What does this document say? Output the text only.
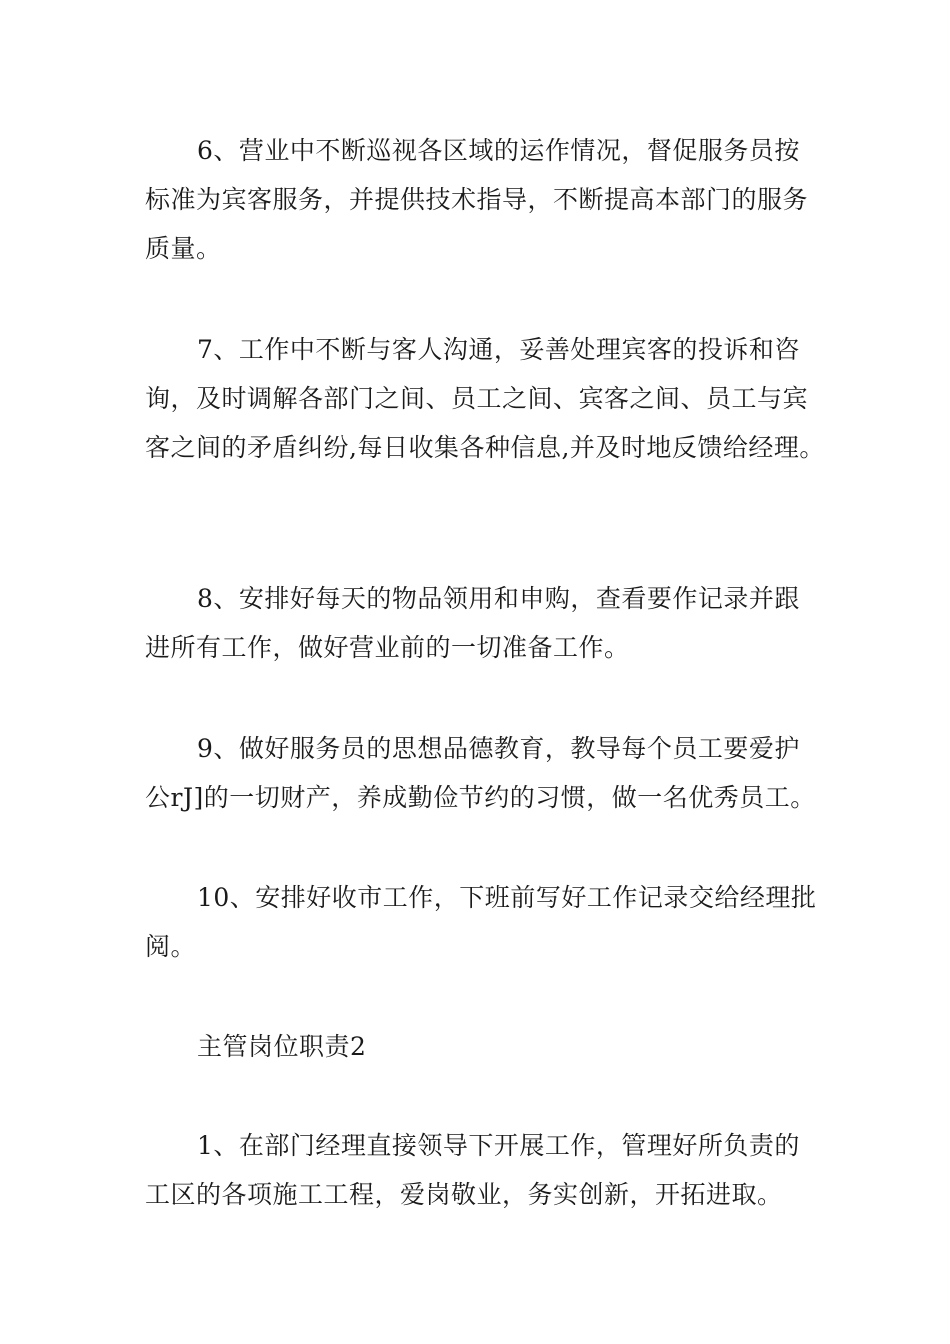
6、营业中不断巡视各区域的运作情况，督促服务员按标准为宾客服务，并提供技术指导，不断提高本部门的服务质量。

7、工作中不断与客人沟通，妥善处理宾客的投诉和咨询，及时调解各部门之间、员工之间、宾客之间、员工与宾客之间的矛盾纠纷,每日收集各种信息,并及时地反馈给经理。

8、安排好每天的物品领用和申购，查看要作记录并跟进所有工作，做好营业前的一切准备工作。

9、做好服务员的思想品德教育，教导每个员工要爱护公rJ]的一切财产，养成勤俭节约的习惯，做一名优秀员工。

10、安排好收市工作，下班前写好工作记录交给经理批阅。

主管岗位职责2

1、在部门经理直接领导下开展工作，管理好所负责的工区的各项施工工程，爱岗敬业，务实创新，开拓进取。
